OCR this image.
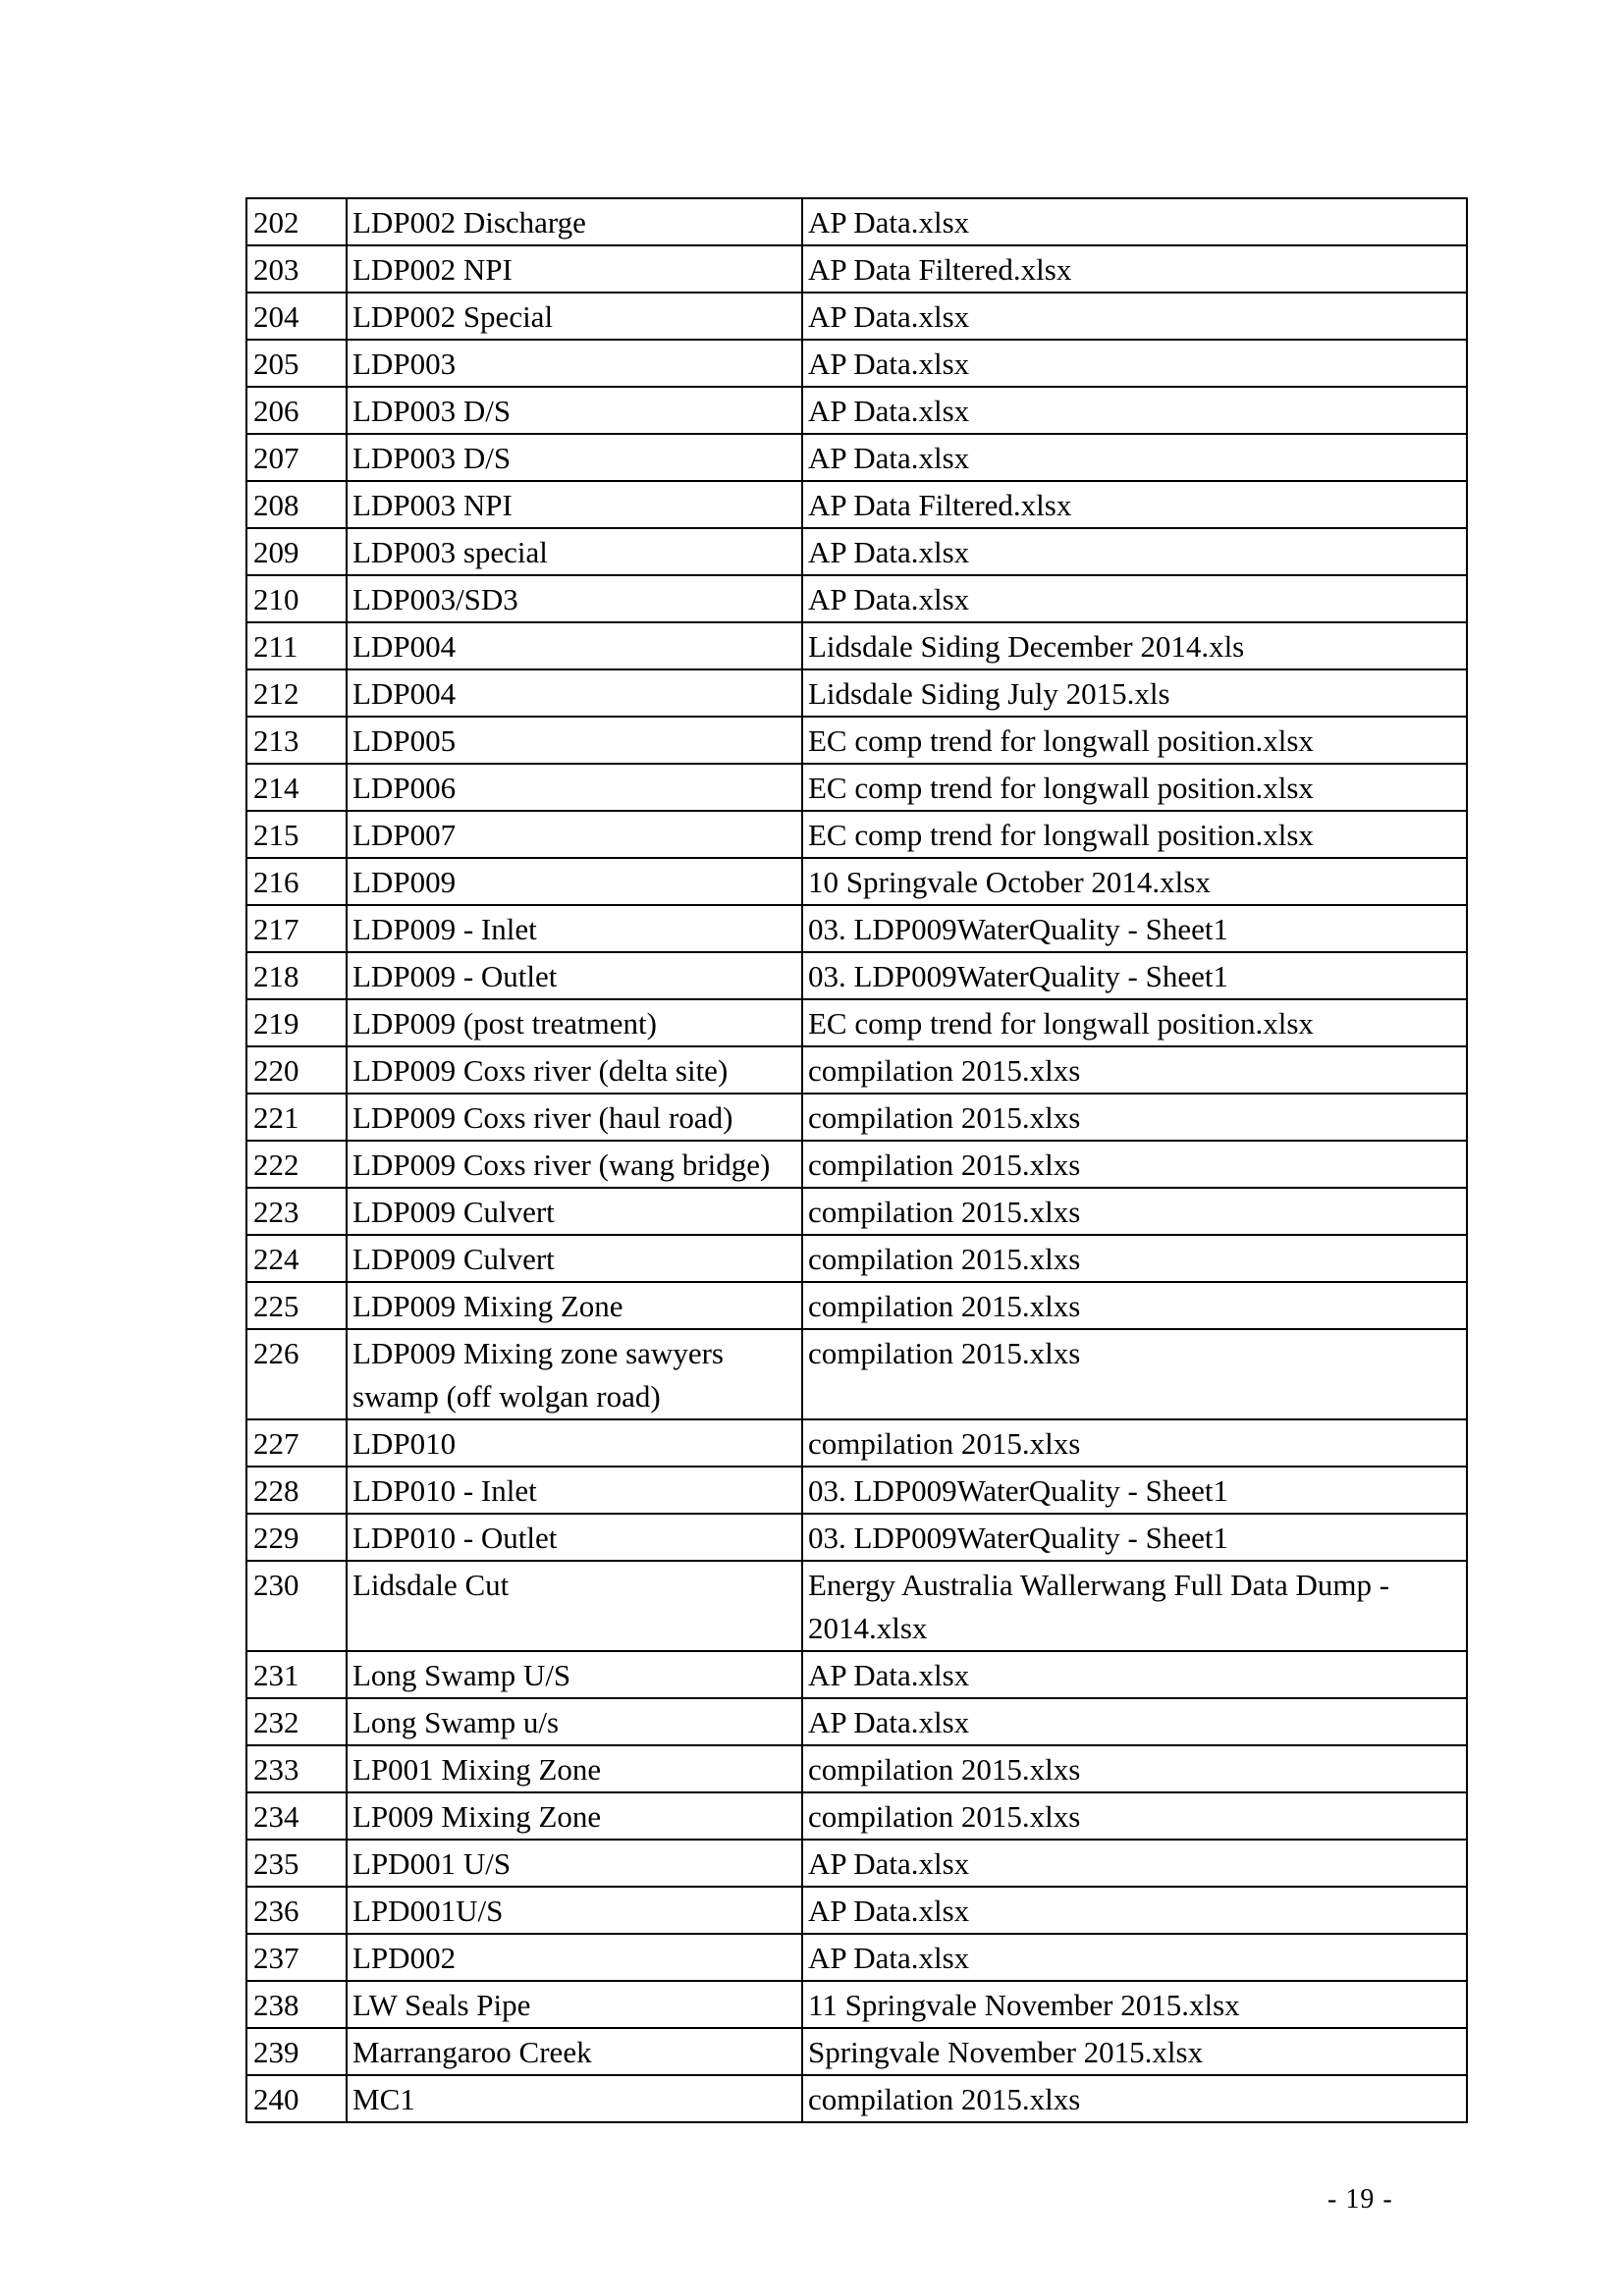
202	LDP002 Discharge	AP Data.xlsx
203	LDP002 NPI	AP Data Filtered.xlsx
204	LDP002 Special	AP Data.xlsx
205	LDP003	AP Data.xlsx
206	LDP003 D/S	AP Data.xlsx
207	LDP003 D/S	AP Data.xlsx
208	LDP003 NPI	AP Data Filtered.xlsx
209	LDP003 special	AP Data.xlsx
210	LDP003/SD3	AP Data.xlsx
211	LDP004	Lidsdale Siding December 2014.xls
212	LDP004	Lidsdale Siding July 2015.xls
213	LDP005	EC comp trend for longwall position.xlsx
214	LDP006	EC comp trend for longwall position.xlsx
215	LDP007	EC comp trend for longwall position.xlsx
216	LDP009	10 Springvale October 2014.xlsx
217	LDP009 - Inlet	03. LDP009WaterQuality - Sheet1
218	LDP009 - Outlet	03. LDP009WaterQuality - Sheet1
219	LDP009 (post treatment)	EC comp trend for longwall position.xlsx
220	LDP009 Coxs river (delta site)	compilation 2015.xlxs
221	LDP009 Coxs river (haul road)	compilation 2015.xlxs
222	LDP009 Coxs river (wang bridge)	compilation 2015.xlxs
223	LDP009 Culvert	compilation 2015.xlxs
224	LDP009 Culvert	compilation 2015.xlxs
225	LDP009 Mixing Zone	compilation 2015.xlxs
226	LDP009 Mixing zone sawyers swamp (off wolgan road)	compilation 2015.xlxs
227	LDP010	compilation 2015.xlxs
228	LDP010 - Inlet	03. LDP009WaterQuality - Sheet1
229	LDP010 - Outlet	03. LDP009WaterQuality - Sheet1
230	Lidsdale Cut	Energy Australia Wallerwang Full Data Dump - 2014.xlsx
231	Long Swamp U/S	AP Data.xlsx
232	Long Swamp u/s	AP Data.xlsx
233	LP001 Mixing Zone	compilation 2015.xlxs
234	LP009 Mixing Zone	compilation 2015.xlxs
235	LPD001 U/S	AP Data.xlsx
236	LPD001U/S	AP Data.xlsx
237	LPD002	AP Data.xlsx
238	LW Seals Pipe	11 Springvale November 2015.xlsx
239	Marrangaroo Creek	Springvale November 2015.xlsx
240	MC1	compilation 2015.xlxs
- 19 -
